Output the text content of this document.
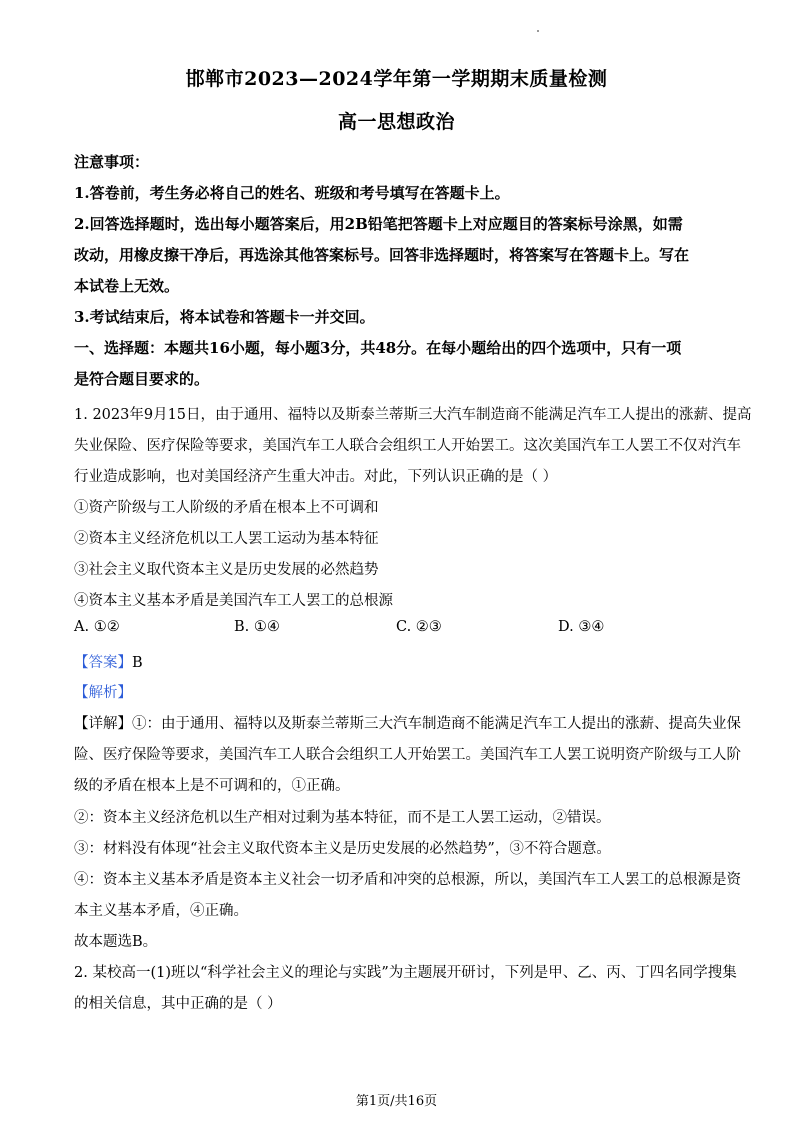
邯郸市2023—2024学年第一学期期末质量检测
高一思想政治
注意事项：
1.答卷前，考生务必将自己的姓名、班级和考号填写在答题卡上。
2.回答选择题时，选出每小题答案后，用2B铅笔把答题卡上对应题目的答案标号涂黑，如需
改动，用橡皮擦干净后，再选涂其他答案标号。回答非选择题时，将答案写在答题卡上。写在
本试卷上无效。
3.考试结束后，将本试卷和答题卡一并交回。
一、选择题：本题共16小题，每小题3分，共48分。在每小题给出的四个选项中，只有一项
是符合题目要求的。
1. 2023年9月15日，由于通用、福特以及斯泰兰蒂斯三大汽车制造商不能满足汽车工人提出的涨薪、提高
失业保险、医疗保险等要求，美国汽车工人联合会组织工人开始罢工。这次美国汽车工人罢工不仅对汽车
行业造成影响，也对美国经济产生重大冲击。对此，下列认识正确的是（ ）
①资产阶级与工人阶级的矛盾在根本上不可调和
②资本主义经济危机以工人罢工运动为基本特征
③社会主义取代资本主义是历史发展的必然趋势
④资本主义基本矛盾是美国汽车工人罢工的总根源
A. ①②	B. ①④	C. ②③	D. ③④
【答案】B
【解析】
【详解】①：由于通用、福特以及斯泰兰蒂斯三大汽车制造商不能满足汽车工人提出的涨薪、提高失业保
险、医疗保险等要求，美国汽车工人联合会组织工人开始罢工。美国汽车工人罢工说明资产阶级与工人阶
级的矛盾在根本上是不可调和的，①正确。
②：资本主义经济危机以生产相对过剩为基本特征，而不是工人罢工运动，②错误。
③：材料没有体现“社会主义取代资本主义是历史发展的必然趋势”，③不符合题意。
④：资本主义基本矛盾是资本主义社会一切矛盾和冲突的总根源，所以，美国汽车工人罢工的总根源是资
本主义基本矛盾，④正确。
故本题选B。
2. 某校高一(1)班以“科学社会主义的理论与实践”为主题展开研讨，下列是甲、乙、丙、丁四名同学搜集
的相关信息，其中正确的是（ ）
第1页/共16页
